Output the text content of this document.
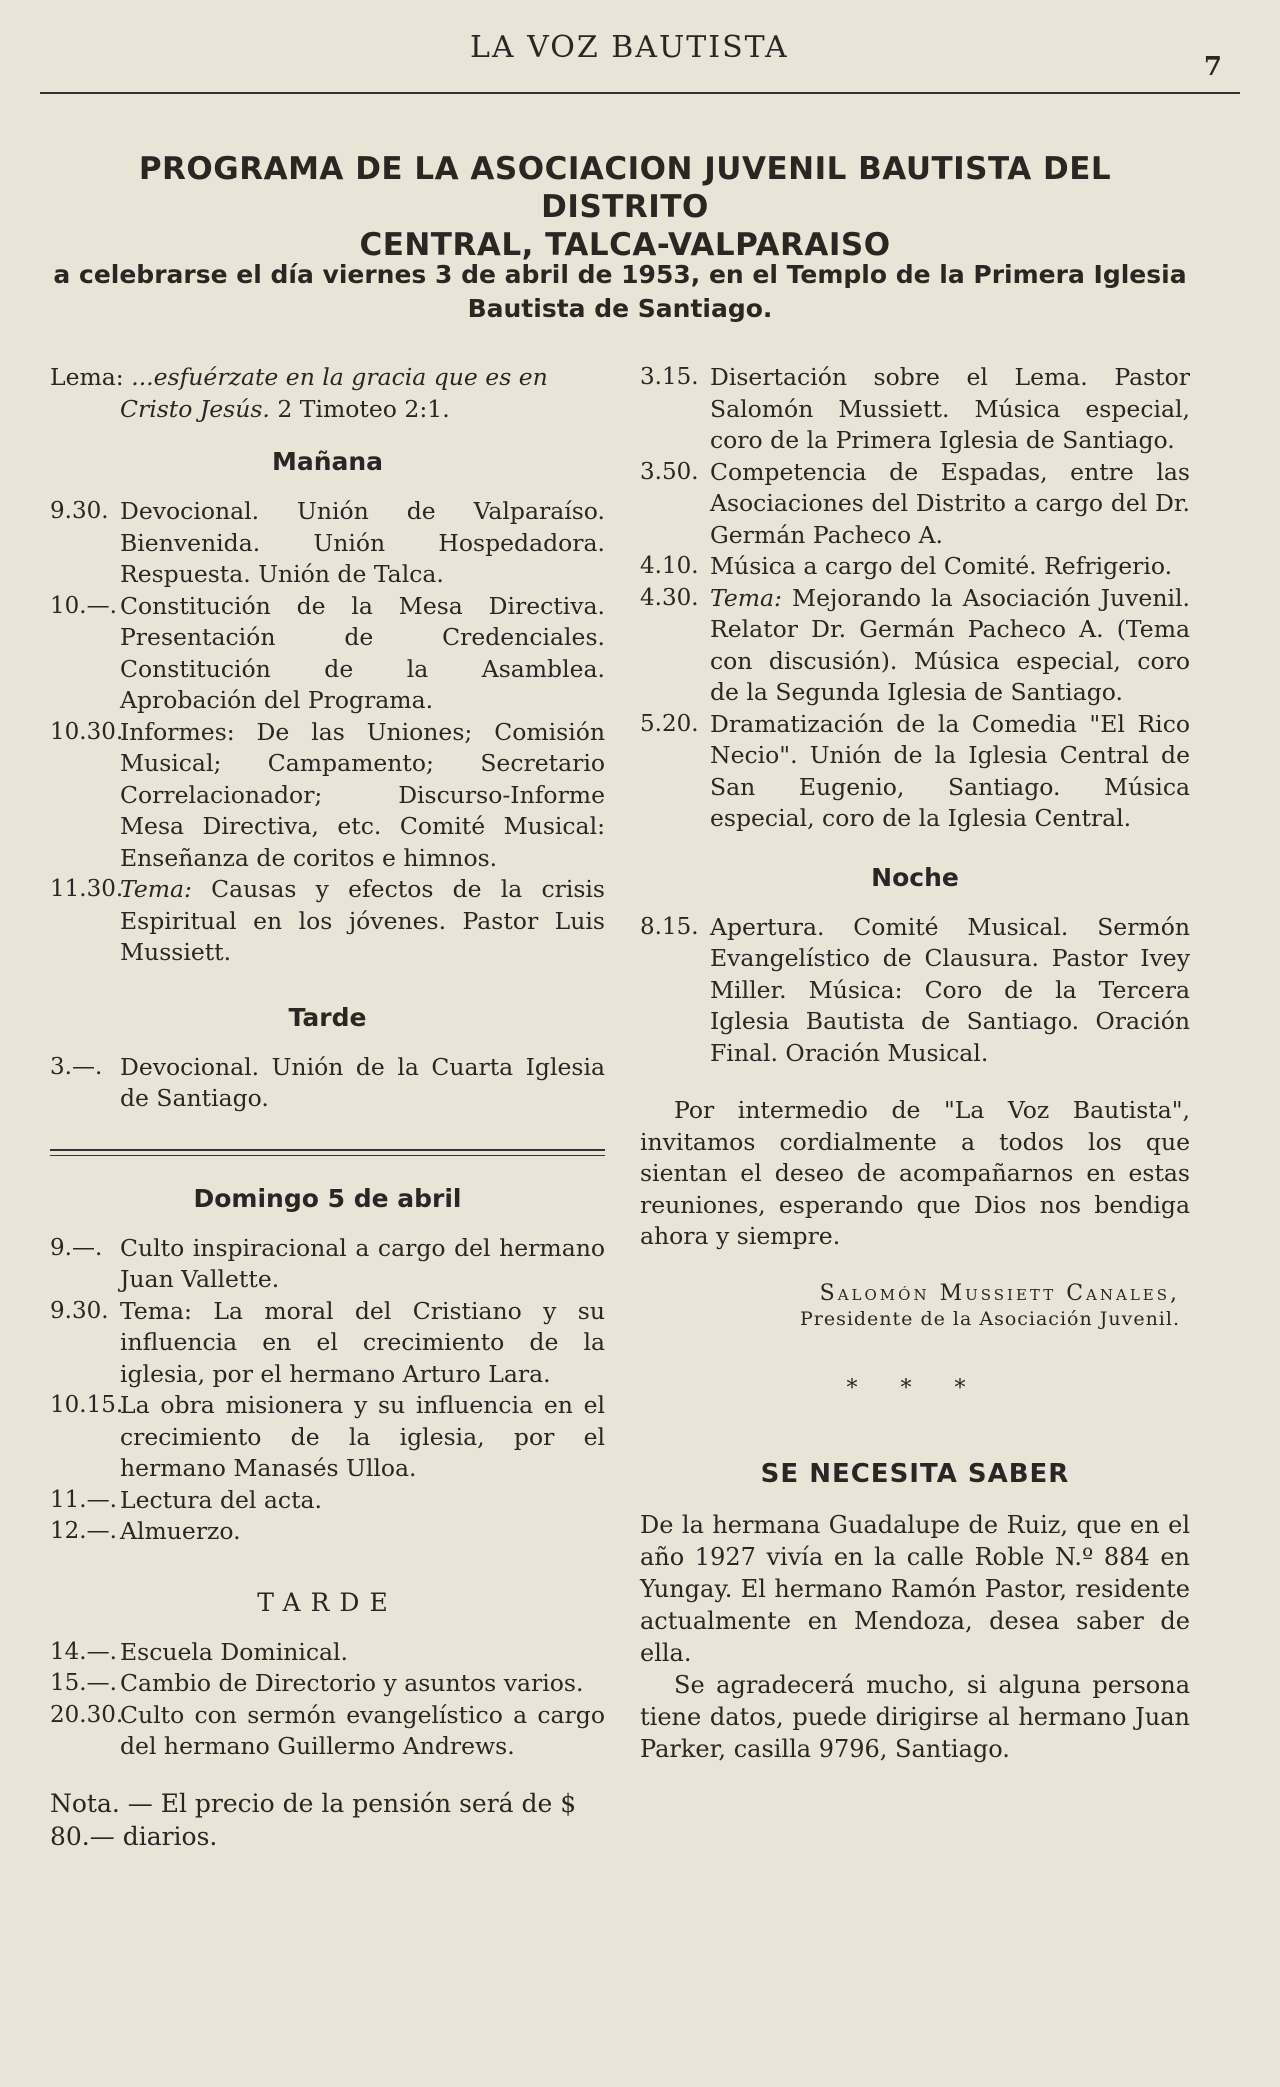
LA VOZ BAUTISTA
7
PROGRAMA DE LA ASOCIACION JUVENIL BAUTISTA DEL DISTRITO
CENTRAL, TALCA-VALPARAISO
a celebrarse el día viernes 3 de abril de 1953, en el Templo de la Primera Iglesia
Bautista de Santiago.

Lema: ...esfuérzate en la gracia que es en Cristo Jesús. 2 Timoteo 2:1.

Mañana
9.30. Devocional. Unión de Valparaíso. Bienvenida. Unión Hospedadora. Respuesta. Unión de Talca.
10.—. Constitución de la Mesa Directiva. Presentación de Credenciales. Constitución de la Asamblea. Aprobación del Programa.
10.30.
Informes: De las Uniones; Comisión Musical; Campamento; Secretario Correlacionador; Discurso-Informe Mesa Directiva, etc. Comité Musical: Enseñanza de coritos e himnos.
11.30.
Tema: Causas y efectos de la crisis Espiritual en los jóvenes. Pastor Luis Mussiett.
Tarde
3.—. Devocional. Unión de la Cuarta Iglesia de Santiago.
Domingo 5 de abril
9.—. Culto inspiracional a cargo del hermano Juan Vallette.
9.30. Tema: La moral del Cristiano y su influencia en el crecimiento de la iglesia, por el hermano Arturo Lara.
10.15.
La obra misionera y su influencia en el crecimiento de la iglesia, por el hermano Manasés Ulloa.
11.—. Lectura del acta.
12.—. Almuerzo.
TARDE
14.—. Escuela Dominical.
15.—. Cambio de Directorio y asuntos varios.
20.30.
Culto con sermón evangelístico a cargo del hermano Guillermo Andrews.
Nota. — El precio de la pensión será de $ 80.— diarios.
3.15. Disertación sobre el Lema. Pastor Salomón Mussiett. Música especial, coro de la Primera Iglesia de Santiago.
3.50. Competencia de Espadas, entre las Asociaciones del Distrito a cargo del Dr. Germán Pacheco A.
4.10. Música a cargo del Comité. Refrigerio.
4.30. Tema: Mejorando la Asociación Juvenil. Relator Dr. Germán Pacheco A. (Tema con discusión). Música especial, coro de la Segunda Iglesia de Santiago.
5.20. Dramatización de la Comedia "El Rico Necio". Unión de la Iglesia Central de San Eugenio, Santiago. Música especial, coro de la Iglesia Central.
Noche
8.15. Apertura. Comité Musical. Sermón Evangelístico de Clausura. Pastor Ivey Miller. Música: Coro de la Tercera Iglesia Bautista de Santiago. Oración Final. Oración Musical.

Por intermedio de "La Voz Bautista", invitamos cordialmente a todos los que sientan el deseo de acompañarnos en estas reuniones, esperando que Dios nos bendiga ahora y siempre.

Salomón Mussiett Canales,
Presidente de la Asociación Juvenil.
* * *
SE NECESITA SABER

De la hermana Guadalupe de Ruiz, que en el año 1927 vivía en la calle Roble N.º 884 en Yungay. El hermano Ramón Pastor, residente actualmente en Mendoza, desea saber de ella.

Se agradecerá mucho, si alguna persona tiene datos, puede dirigirse al hermano Juan Parker, casilla 9796, Santiago.
